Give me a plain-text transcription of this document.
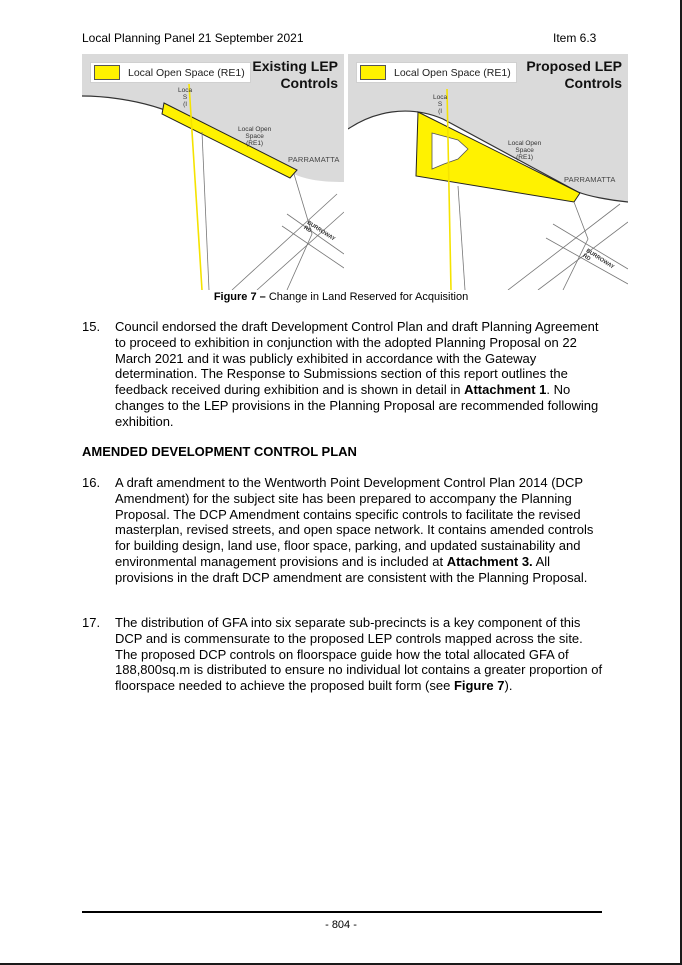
Local Planning Panel 21 September 2021	Item 6.3
Local Open Space (RE1) Existing LEP
Controls
Loca
S
(I
Local Open
Space
(RE1)
PARRAMATTA
BURROWAY RD
Local Open Space (RE1) Proposed LEP
Controls
Loca
S
(I
Local Open
Space
(RE1)
PARRAMATTA
BURROWAY RD
Figure 7 – Change in Land Reserved for Acquisition
15. Council endorsed the draft Development Control Plan and draft Planning Agreement to proceed to exhibition in conjunction with the adopted Planning Proposal on 22 March 2021 and it was publicly exhibited in accordance with the Gateway determination. The Response to Submissions section of this report outlines the feedback received during exhibition and is shown in detail in Attachment 1. No changes to the LEP provisions in the Planning Proposal are recommended following exhibition.
AMENDED DEVELOPMENT CONTROL PLAN
16. A draft amendment to the Wentworth Point Development Control Plan 2014 (DCP Amendment) for the subject site has been prepared to accompany the Planning Proposal. The DCP Amendment contains specific controls to facilitate the revised masterplan, revised streets, and open space network. It contains amended controls for building design, land use, floor space, parking, and updated sustainability and environmental management provisions and is included at Attachment 3. All provisions in the draft DCP amendment are consistent with the Planning Proposal.
17. The distribution of GFA into six separate sub-precincts is a key component of this DCP and is commensurate to the proposed LEP controls mapped across the site. The proposed DCP controls on floorspace guide how the total allocated GFA of 188,800sq.m is distributed to ensure no individual lot contains a greater proportion of floorspace needed to achieve the proposed built form (see Figure 7).
- 804 -
